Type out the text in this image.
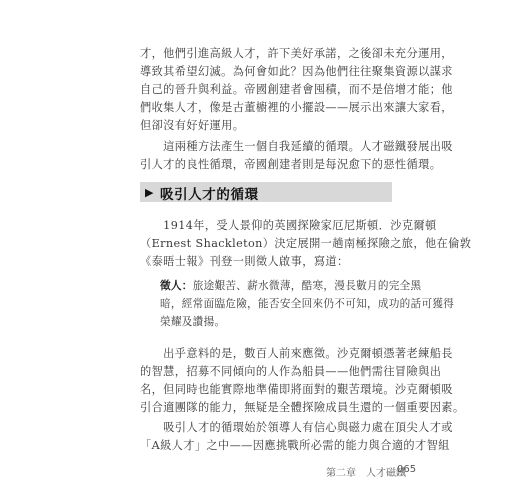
才，他們引進高級人才，許下美好承諾，之後卻未充分運用，

導致其希望幻滅。為何會如此？因為他們往往聚集資源以謀求

自己的晉升與利益。帝國創建者會囤積，而不是倍增才能；他

們收集人才，像是古董櫥裡的小擺設——展示出來讓大家看，

但卻沒有好好運用。

　　這兩種方法產生一個自我延續的循環。人才磁鐵發展出吸

引人才的良性循環，帝國創建者則是每況愈下的惡性循環。

▶ 吸引人才的循環

　　1914年，受人景仰的英國探險家厄尼斯頓．沙克爾頓

（Ernest Shackleton）決定展開一趟南極探險之旅，他在倫敦

《泰晤士報》刊登一則徵人啟事，寫道：

徵人：旅途艱苦、薪水微薄，酷寒，漫長數月的完全黑

暗，經常面臨危險，能否安全回來仍不可知，成功的話可獲得

榮耀及讚揚。

　　出乎意料的是，數百人前來應徵。沙克爾頓憑著老練船長

的智慧，招募不同傾向的人作為船員——他們需往冒險與出

名，但同時也能實際地準備即將面對的艱苦環境。沙克爾頓吸

引合適團隊的能力，無疑是全體探險成員生還的一個重要因素。

　　吸引人才的循環始於領導人有信心與磁力處在頂尖人才或

「A級人才」之中——因應挑戰所必需的能力與合適的才智組

第二章　人才磁鐵
065
